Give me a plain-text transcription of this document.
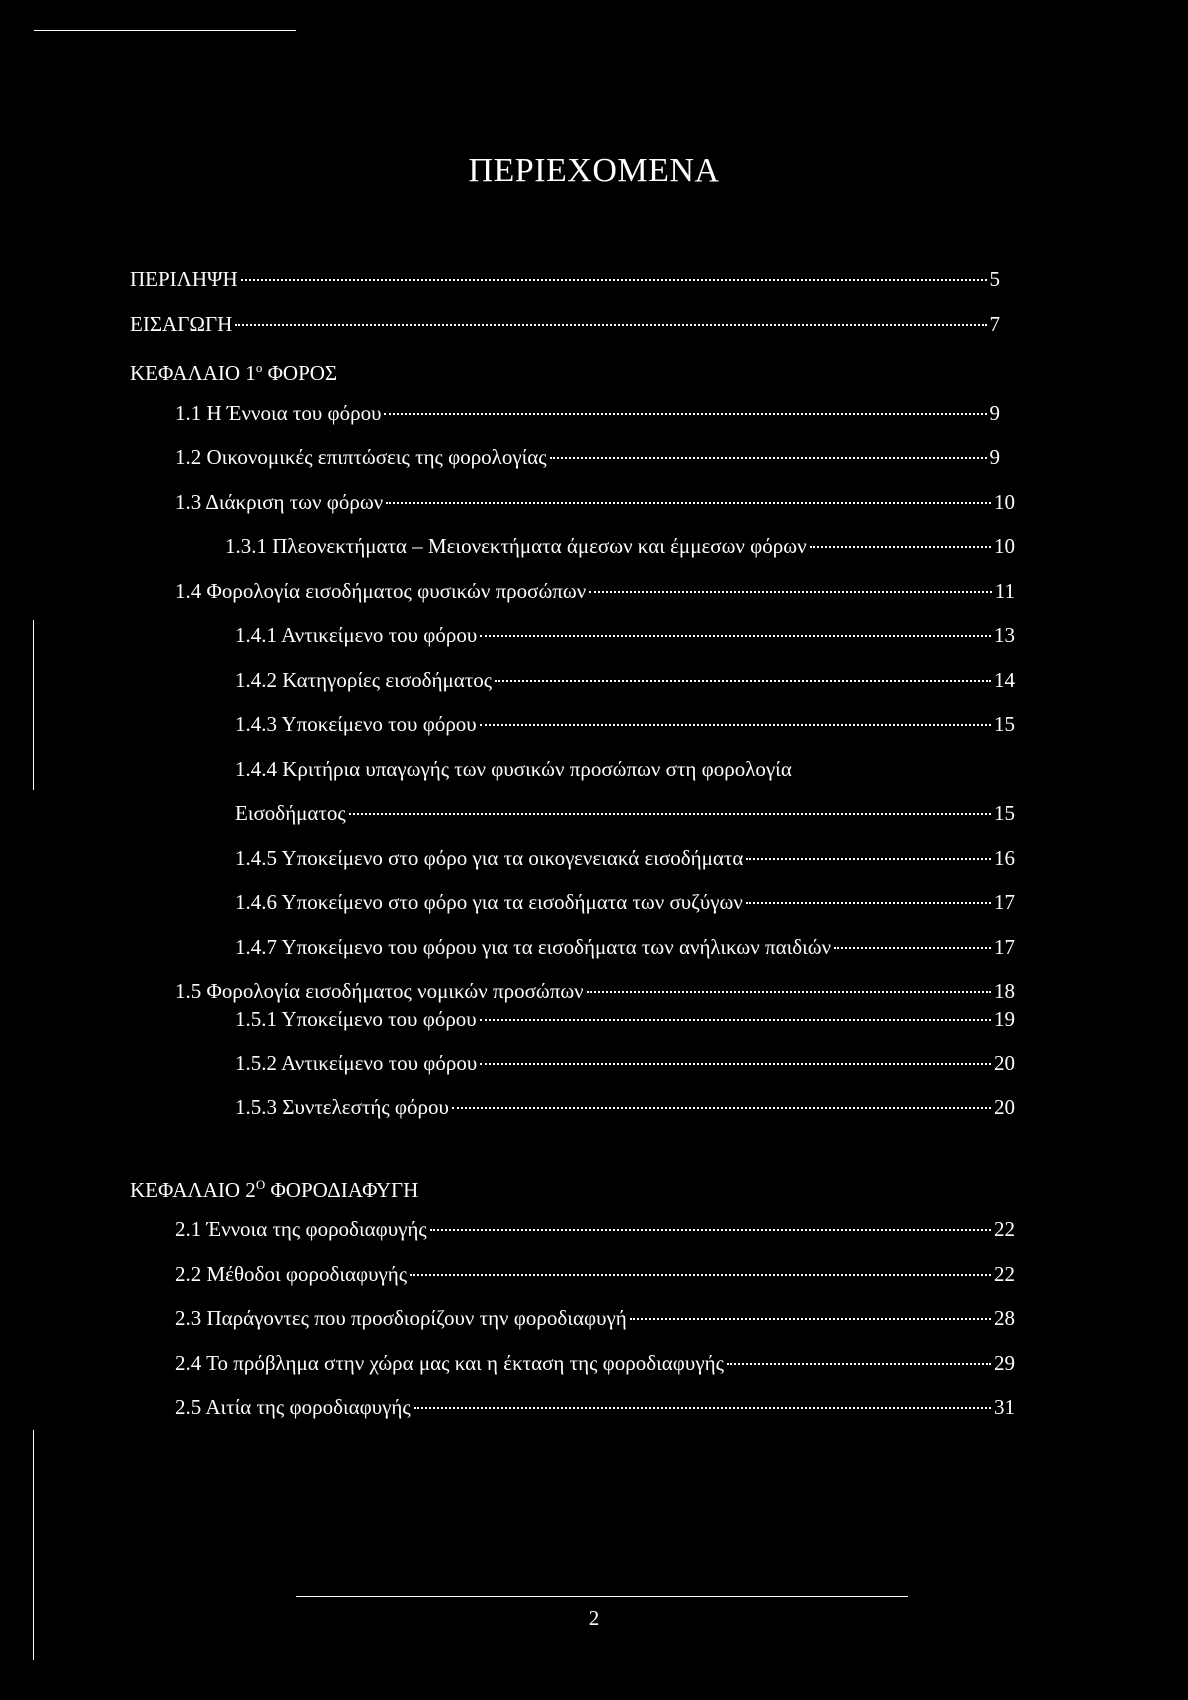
ΠΕΡΙΕΧΟΜΕΝΑ
ΠΕΡΙΛΗΨΗ	5
ΕΙΣΑΓΩΓΗ	7
ΚΕΦΑΛΑΙΟ $1^o$ ΦΟΡΟΣ
1.1 Η Έννοια του φόρου	9
1.2 Οικονομικές επιπτώσεις της φορολογίας	9
1.3 Διάκριση των φόρων	10
1.3.1 Πλεονεκτήματα – Μειονεκτήματα άμεσων και έμμεσων φόρων	10
1.4 Φορολογία εισοδήματος φυσικών προσώπων	11
1.4.1 Αντικείμενο του φόρου	13
1.4.2 Κατηγορίες εισοδήματος	14
1.4.3 Υποκείμενο του φόρου	15
1.4.4 Κριτήρια υπαγωγής των φυσικών προσώπων στη φορολογία
Εισοδήματος	15
1.4.5 Υποκείμενο στο φόρο για τα οικογενειακά εισοδήματα	16
1.4.6 Υποκείμενο στο φόρο για τα εισοδήματα των συζύγων	17
1.4.7 Υποκείμενο του φόρου για τα εισοδήματα των ανήλικων παιδιών	17
1.5 Φορολογία εισοδήματος νομικών προσώπων	18
1.5.1 Υποκείμενο του φόρου	19
1.5.2 Αντικείμενο του φόρου	20
1.5.3 Συντελεστής φόρου	20
ΚΕΦΑΛΑΙΟ $2^O$ ΦΟΡΟΔΙΑΦΥΓΗ
2.1 Έννοια της φοροδιαφυγής	22
2.2 Μέθοδοι φοροδιαφυγής	22
2.3 Παράγοντες που προσδιορίζουν την φοροδιαφυγή	28
2.4 Το πρόβλημα στην χώρα μας και η έκταση της φοροδιαφυγής	29
2.5 Αιτία της φοροδιαφυγής	31
2
